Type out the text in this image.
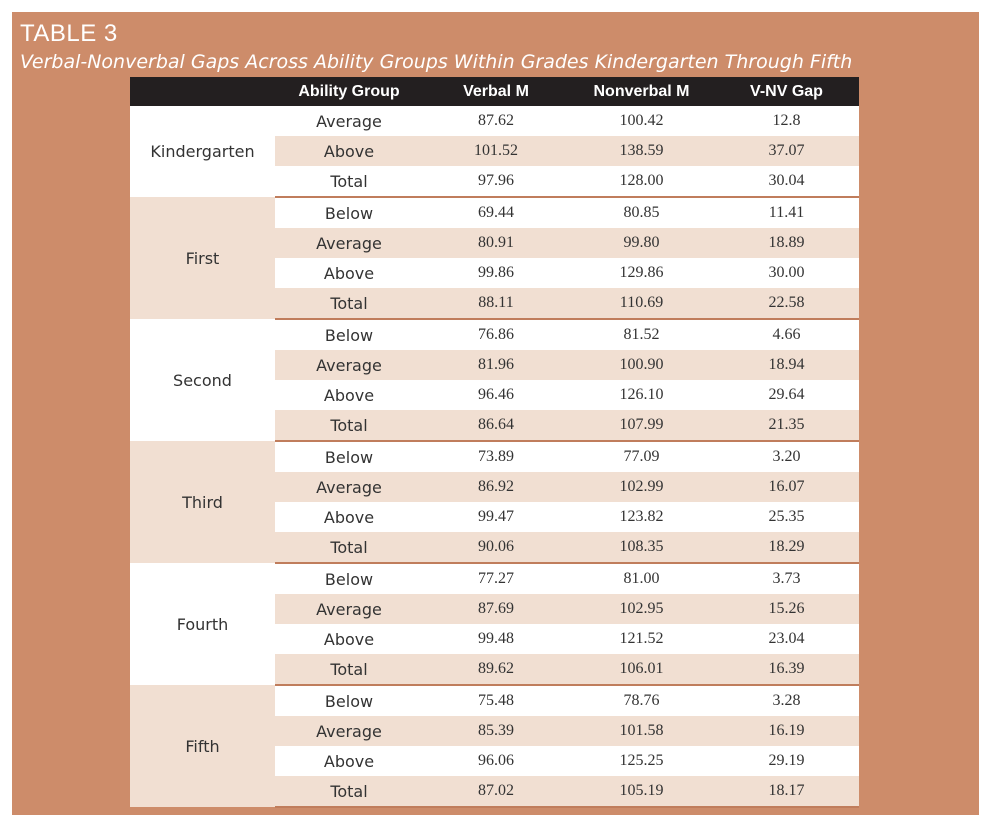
TABLE 3
Verbal-Nonverbal Gaps Across Ability Groups Within Grades Kindergarten Through Fifth
	Ability Group	Verbal M	Nonverbal M	V-NV Gap
Kindergarten	Average	87.62	100.42	12.8
	Above	101.52	138.59	37.07
	Total	97.96	128.00	30.04
First	Below	69.44	80.85	11.41
	Average	80.91	99.80	18.89
	Above	99.86	129.86	30.00
	Total	88.11	110.69	22.58
Second	Below	76.86	81.52	4.66
	Average	81.96	100.90	18.94
	Above	96.46	126.10	29.64
	Total	86.64	107.99	21.35
Third	Below	73.89	77.09	3.20
	Average	86.92	102.99	16.07
	Above	99.47	123.82	25.35
	Total	90.06	108.35	18.29
Fourth	Below	77.27	81.00	3.73
	Average	87.69	102.95	15.26
	Above	99.48	121.52	23.04
	Total	89.62	106.01	16.39
Fifth	Below	75.48	78.76	3.28
	Average	85.39	101.58	16.19
	Above	96.06	125.25	29.19
	Total	87.02	105.19	18.17
